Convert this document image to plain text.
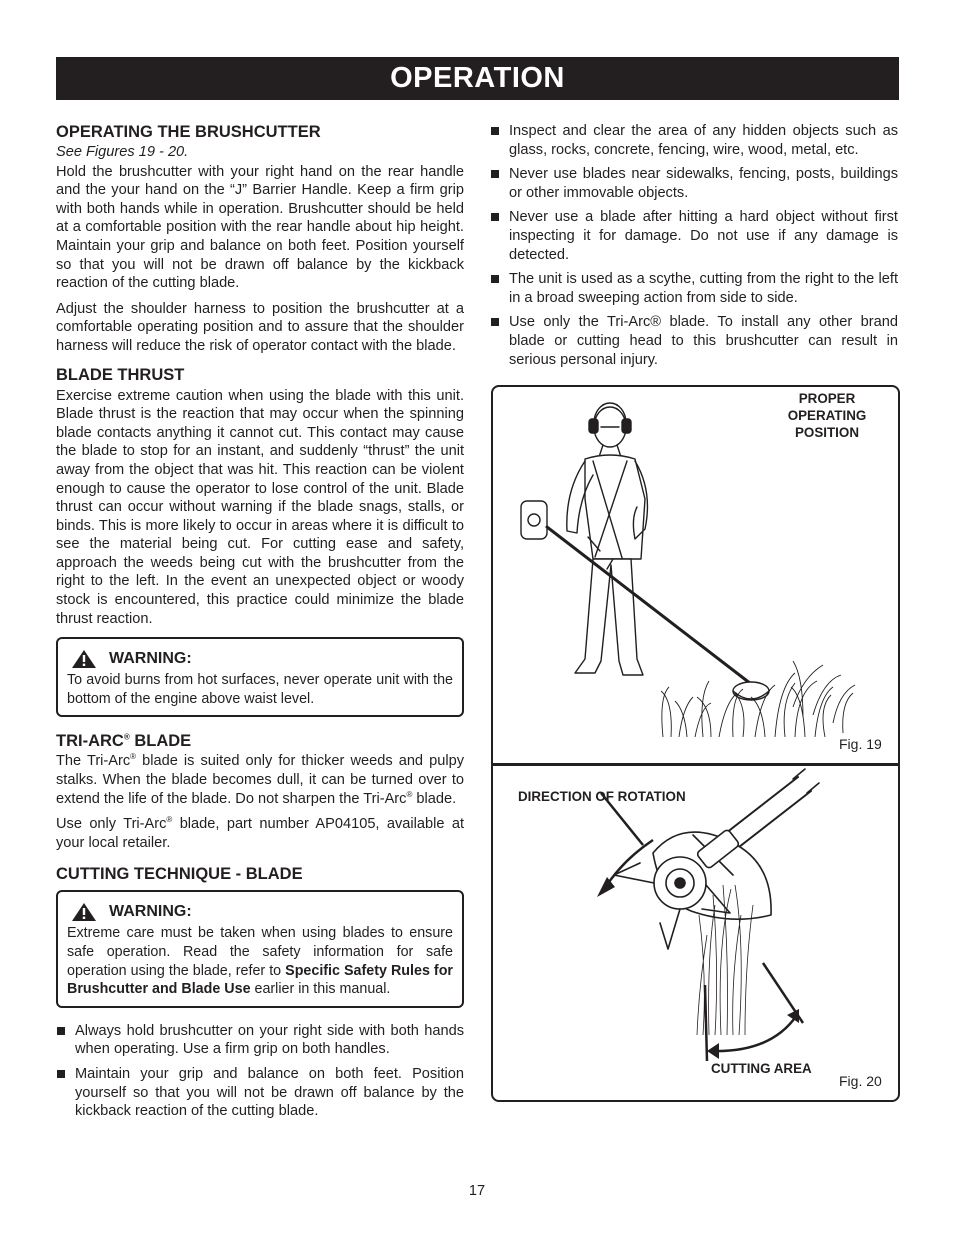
OPERATION
OPERATING THE BRUSHCUTTER

See Figures 19 - 20.

Hold the brushcutter with your right hand on the rear handle and the your hand on the “J” Barrier Handle. Keep a firm grip with both hands while in operation. Brushcutter should be held at a comfortable position with the rear handle about hip height. Maintain your grip and balance on both feet. Position yourself so that you will not be drawn off balance by the kickback reaction of the cutting blade.

Adjust the shoulder harness to position the brushcutter at a comfortable operating position and to assure that the shoulder harness will reduce the risk of operator contact with the blade.

BLADE THRUST

Exercise extreme caution when using the blade with this unit. Blade thrust is the reaction that may occur when the spinning blade contacts anything it cannot cut. This contact may cause the blade to stop for an instant, and suddenly “thrust” the unit away from the object that was hit. This reaction can be violent enough to cause the operator to lose control of the unit. Blade thrust can occur without warning if the blade snags, stalls, or binds. This is more likely to occur in areas where it is difficult to see the material being cut. For cutting ease and safety, approach the weeds being cut with the brushcutter from the right to the left. In the event an unexpected object or woody stock is encountered, this practice could minimize the blade thrust reaction.

WARNING:

To avoid burns from hot surfaces, never operate unit with the bottom of the engine above waist level.

TRI-ARC® BLADE

The Tri-Arc® blade is suited only for thicker weeds and pulpy stalks. When the blade becomes dull, it can be turned over to extend the life of the blade. Do not sharpen the Tri-Arc® blade.

Use only Tri-Arc® blade, part number AP04105, available at your local retailer.

CUTTING TECHNIQUE - BLADE
WARNING:

Extreme care must be taken when using blades to ensure safe operation. Read the safety information for safe operation using the blade, refer to Specific Safety Rules for Brushcutter and Blade Use earlier in this manual.

Always hold brushcutter on your right side with both hands when operating. Use a firm grip on both handles.
Maintain your grip and balance on both feet. Position yourself so that you will not be drawn off balance by the kickback reaction of the cutting blade.
Inspect and clear the area of any hidden objects such as glass, rocks, concrete, fencing, wire, wood, metal, etc.
Never use blades near sidewalks, fencing, posts, buildings or other immovable objects.
Never use a blade after hitting a hard object without first inspecting it for damage. Do not use if any damage is detected.
The unit is used as a scythe, cutting from the right to the left in a broad sweeping action from side to side.
Use only the Tri-Arc® blade. To install any other brand blade or cutting head to this brushcutter can result in serious personal injury.
PROPER
OPERATING
POSITION
Fig. 19
DIRECTION OF ROTATION
CUTTING AREA
Fig. 20
17
